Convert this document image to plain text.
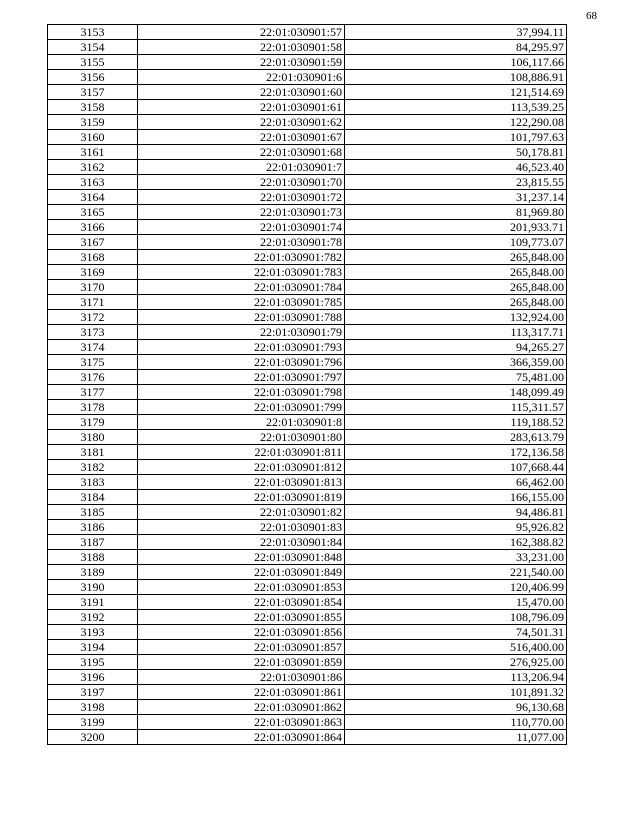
68
3153	22:01:030901:57	37,994.11
3154	22:01:030901:58	84,295.97
3155	22:01:030901:59	106,117.66
3156	22:01:030901:6	108,886.91
3157	22:01:030901:60	121,514.69
3158	22:01:030901:61	113,539.25
3159	22:01:030901:62	122,290.08
3160	22:01:030901:67	101,797.63
3161	22:01:030901:68	50,178.81
3162	22:01:030901:7	46,523.40
3163	22:01:030901:70	23,815.55
3164	22:01:030901:72	31,237.14
3165	22:01:030901:73	81,969.80
3166	22:01:030901:74	201,933.71
3167	22:01:030901:78	109,773.07
3168	22:01:030901:782	265,848.00
3169	22:01:030901:783	265,848.00
3170	22:01:030901:784	265,848.00
3171	22:01:030901:785	265,848.00
3172	22:01:030901:788	132,924.00
3173	22:01:030901:79	113,317.71
3174	22:01:030901:793	94,265.27
3175	22:01:030901:796	366,359.00
3176	22:01:030901:797	75,481.00
3177	22:01:030901:798	148,099.49
3178	22:01:030901:799	115,311.57
3179	22:01:030901:8	119,188.52
3180	22:01:030901:80	283,613.79
3181	22:01:030901:811	172,136.58
3182	22:01:030901:812	107,668.44
3183	22:01:030901:813	66,462.00
3184	22:01:030901:819	166,155.00
3185	22:01:030901:82	94,486.81
3186	22:01:030901:83	95,926.82
3187	22:01:030901:84	162,388.82
3188	22:01:030901:848	33,231.00
3189	22:01:030901:849	221,540.00
3190	22:01:030901:853	120,406.99
3191	22:01:030901:854	15,470.00
3192	22:01:030901:855	108,796.09
3193	22:01:030901:856	74,501.31
3194	22:01:030901:857	516,400.00
3195	22:01:030901:859	276,925.00
3196	22:01:030901:86	113,206.94
3197	22:01:030901:861	101,891.32
3198	22:01:030901:862	96,130.68
3199	22:01:030901:863	110,770.00
3200	22:01:030901:864	11,077.00
